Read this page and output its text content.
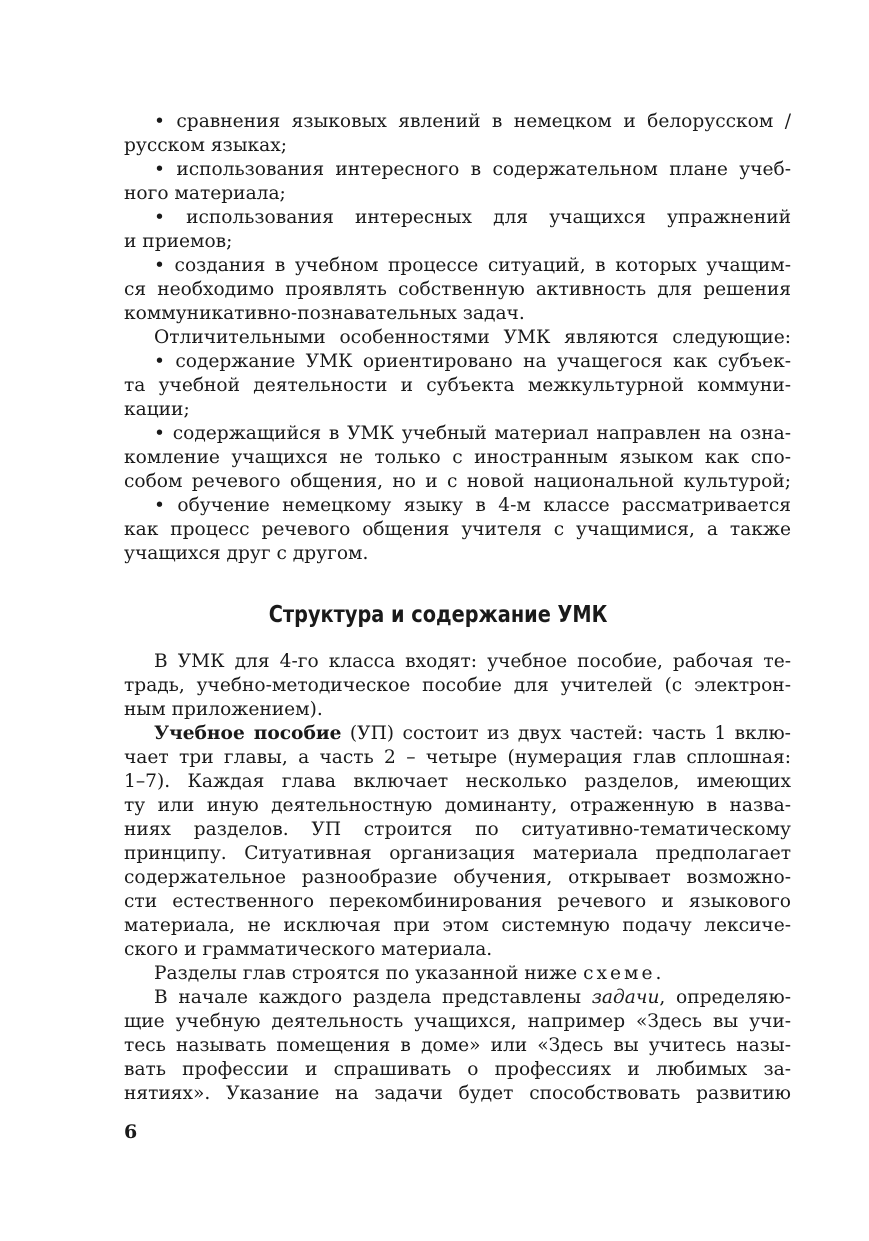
• сравнения языковых явлений в немецком и белорусском /
русском языках;
• использования интересного в содержательном плане учеб-
ного материала;
• использования интересных для учащихся упражнений
и приемов;
• создания в учебном процессе ситуаций, в которых учащим-
ся необходимо проявлять собственную активность для решения
коммуникативно-познавательных задач.
Отличительными особенностями УМК являются следующие:
• содержание УМК ориентировано на учащегося как субъек-
та учебной деятельности и субъекта межкультурной коммуни-
кации;
• содержащийся в УМК учебный материал направлен на озна-
комление учащихся не только с иностранным языком как спо-
собом речевого общения, но и с новой национальной культурой;
• обучение немецкому языку в 4-м классе рассматривается
как процесс речевого общения учителя с учащимися, а также
учащихся друг с другом.
Структура и содержание УМК
В УМК для 4-го класса входят: учебное пособие, рабочая те-
традь, учебно-методическое пособие для учителей (с электрон-
ным приложением).
Учебное пособие (УП) состоит из двух частей: часть 1 вклю-
чает три главы, а часть 2 – четыре (нумерация глав сплошная:
1–7). Каждая глава включает несколько разделов, имеющих
ту или иную деятельностную доминанту, отраженную в назва-
ниях разделов. УП строится по ситуативно-тематическому
принципу. Ситуативная организация материала предполагает
содержательное разнообразие обучения, открывает возможно-
сти естественного перекомбинирования речевого и языкового
материала, не исключая при этом системную подачу лексиче-
ского и грамматического материала.
Разделы глав строятся по указанной ниже схеме.
В начале каждого раздела представлены задачи, определяю-
щие учебную деятельность учащихся, например «Здесь вы учи-
тесь называть помещения в доме» или «Здесь вы учитесь назы-
вать профессии и спрашивать о профессиях и любимых за-
нятиях». Указание на задачи будет способствовать развитию
6
